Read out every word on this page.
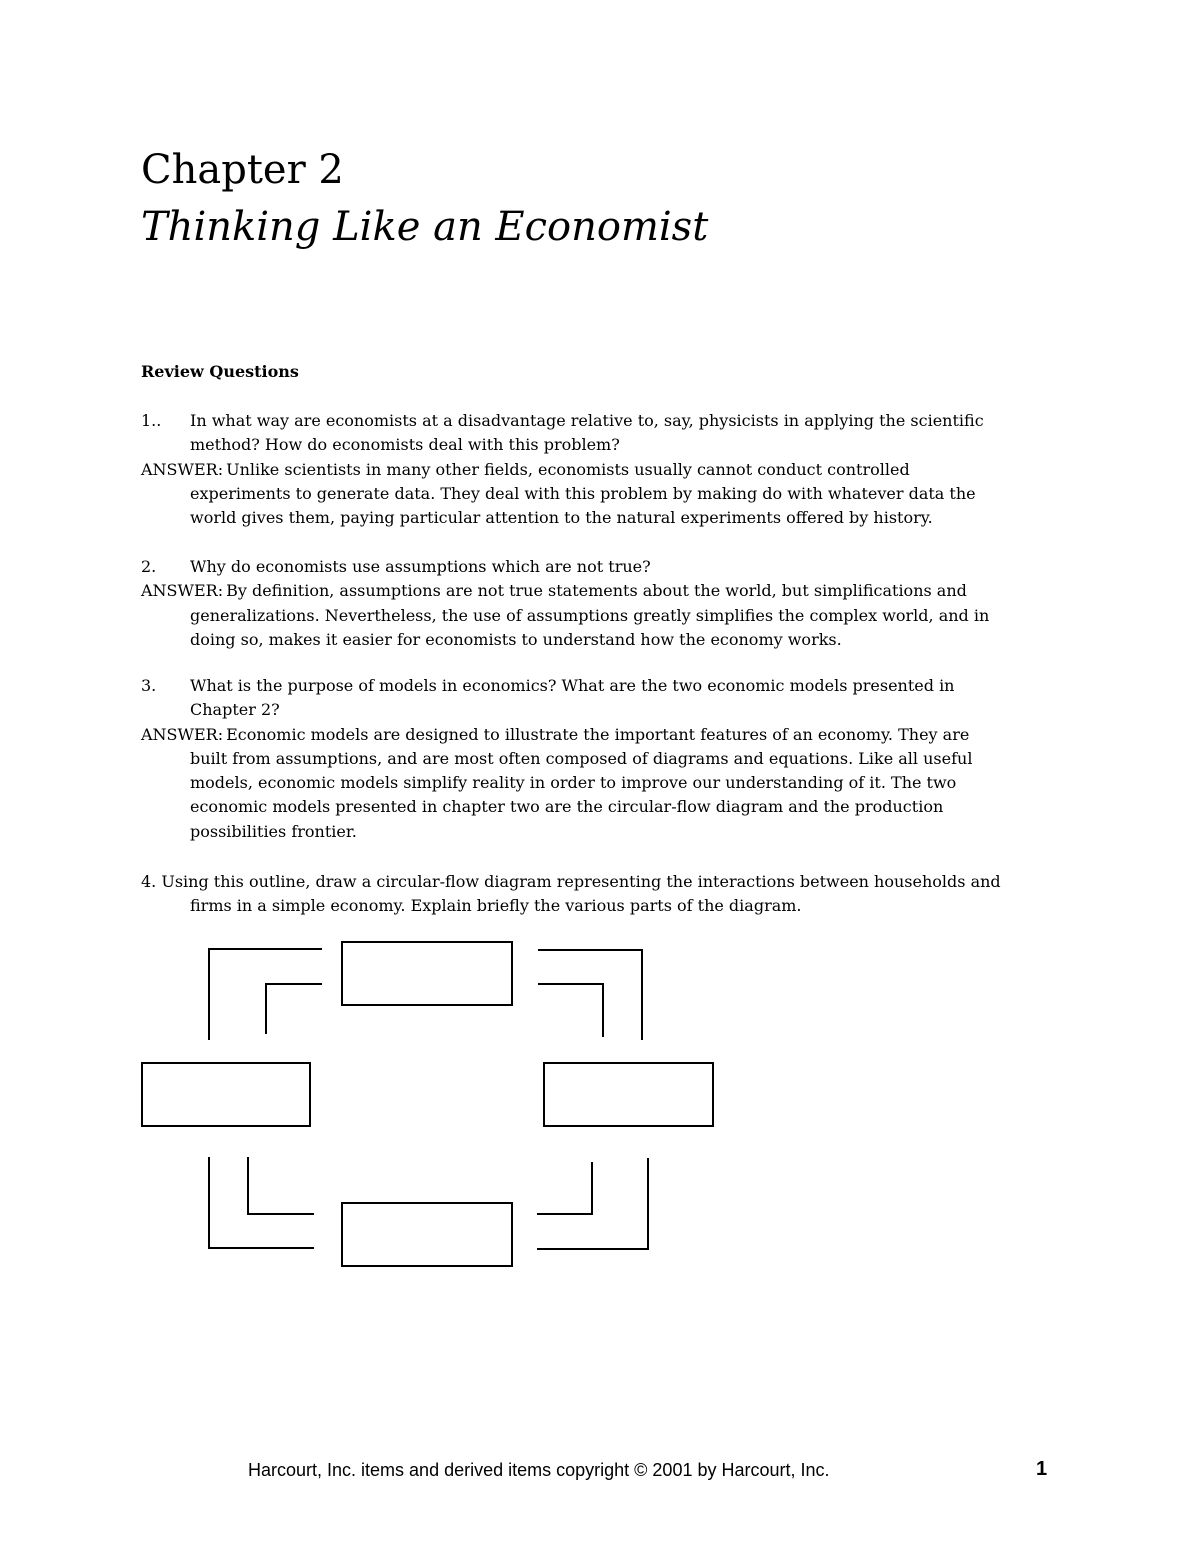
Chapter 2
Thinking Like an Economist
Review Questions
1.. In what way are economists at a disadvantage relative to, say, physicists in applying the scientific
method? How do economists deal with this problem?
ANSWER: Unlike scientists in many other fields, economists usually cannot conduct controlled
experiments to generate data. They deal with this problem by making do with whatever data the
world gives them, paying particular attention to the natural experiments offered by history.
2. Why do economists use assumptions which are not true?
ANSWER: By definition, assumptions are not true statements about the world, but simplifications and
generalizations. Nevertheless, the use of assumptions greatly simplifies the complex world, and in
doing so, makes it easier for economists to understand how the economy works.
3. What is the purpose of models in economics? What are the two economic models presented in
Chapter 2?
ANSWER: Economic models are designed to illustrate the important features of an economy. They are
built from assumptions, and are most often composed of diagrams and equations. Like all useful
models, economic models simplify reality in order to improve our understanding of it. The two
economic models presented in chapter two are the circular-flow diagram and the production
possibilities frontier.
4. Using this outline, draw a circular-flow diagram representing the interactions between households and
firms in a simple economy. Explain briefly the various parts of the diagram.
Harcourt, Inc. items and derived items copyright © 2001 by Harcourt, Inc.	1
